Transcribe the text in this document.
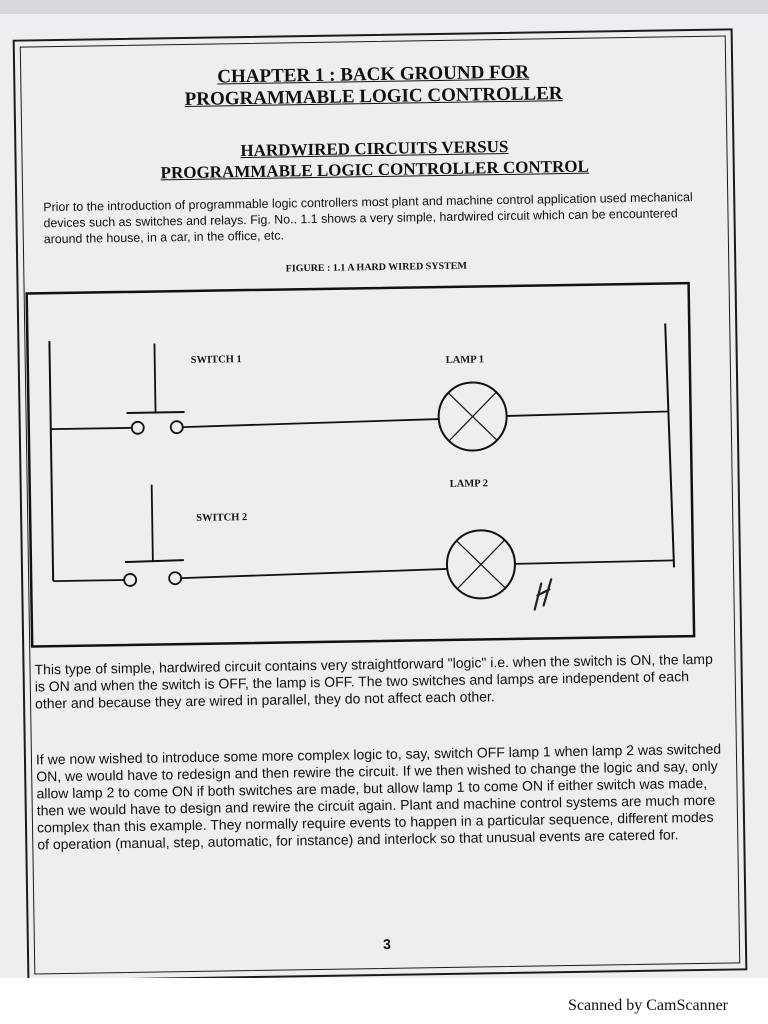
CHAPTER 1 : BACK GROUND FOR
PROGRAMMABLE LOGIC CONTROLLER
HARDWIRED CIRCUITS VERSUS
PROGRAMMABLE LOGIC CONTROLLER CONTROL

Prior to the introduction of programmable logic controllers most plant and machine control application used mechanical devices such as switches and relays. Fig. No.. 1.1 shows a very simple, hardwired circuit which can be encountered around the house, in a car, in the office, etc.

FIGURE : 1.1 A HARD WIRED SYSTEM
SWITCH 1	LAMP 1
SWITCH 2
LAMP 2

This type of simple, hardwired circuit contains very straightforward "logic" i.e. when the switch is ON, the lamp is ON and when the switch is OFF, the lamp is OFF. The two switches and lamps are independent of each other and because they are wired in parallel, they do not affect each other.

If we now wished to introduce some more complex logic to, say, switch OFF lamp 1 when lamp 2 was switched ON, we would have to redesign and then rewire the circuit. If we then wished to change the logic and say, only allow lamp 2 to come ON if both switches are made, but allow lamp 1 to come ON if either switch was made, then we would have to design and rewire the circuit again. Plant and machine control systems are much more complex than this example. They normally require events to happen in a particular sequence, different modes of operation (manual, step, automatic, for instance) and interlock so that unusual events are catered for.

3
Scanned by CamScanner
